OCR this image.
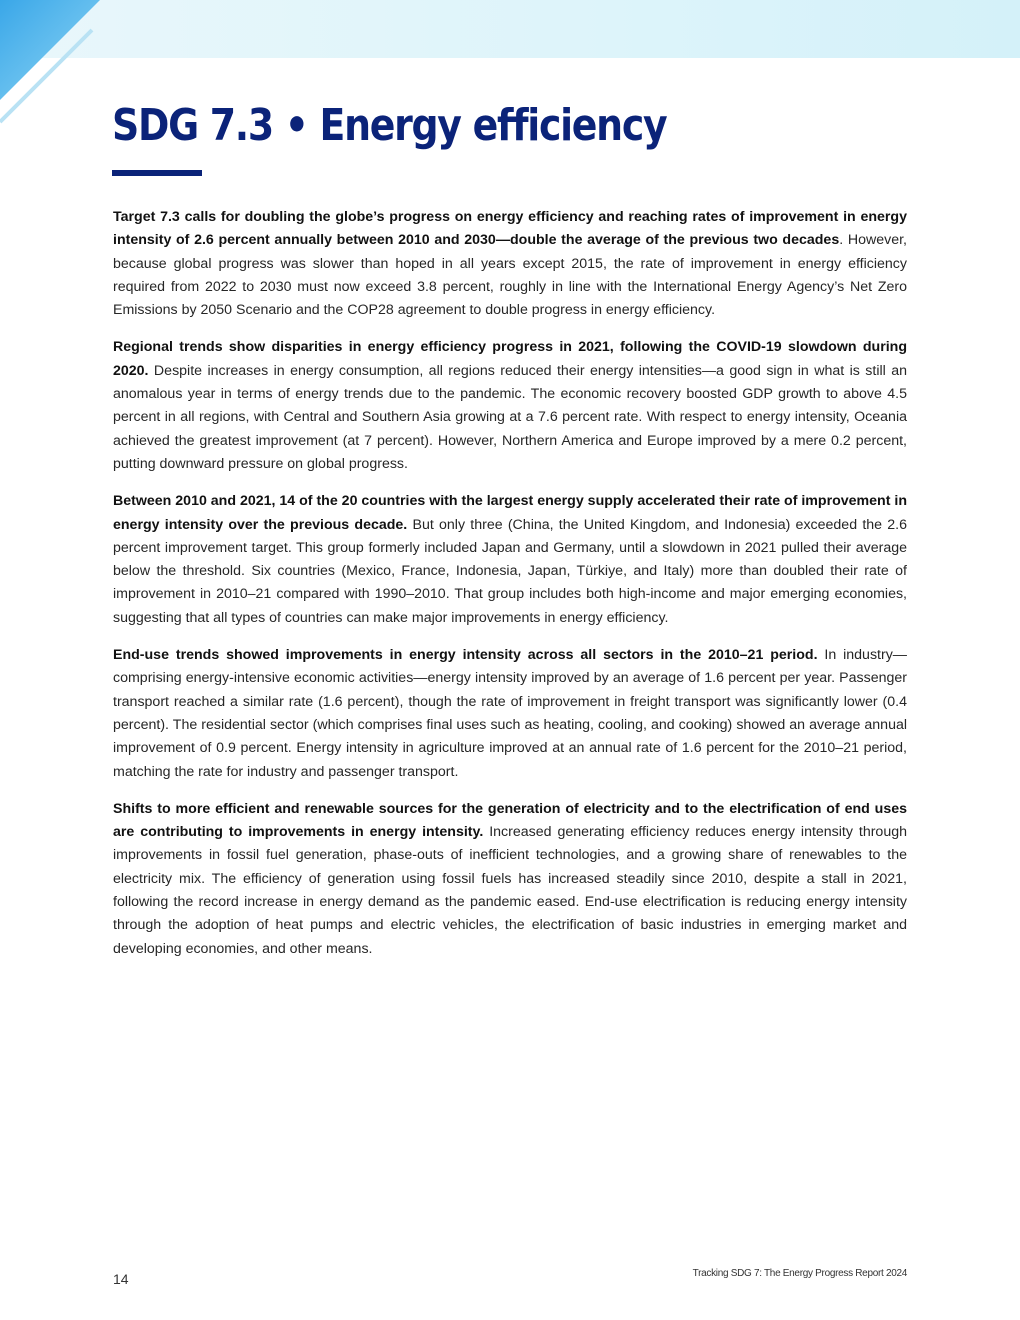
SDG 7.3 • Energy efficiency

Target 7.3 calls for doubling the globe’s progress on energy efficiency and reaching rates of improvement in energy intensity of 2.6 percent annually between 2010 and 2030—double the average of the previous two decades. However, because global progress was slower than hoped in all years except 2015, the rate of improvement in energy efficiency required from 2022 to 2030 must now exceed 3.8 percent, roughly in line with the International Energy Agency’s Net Zero Emissions by 2050 Scenario and the COP28 agreement to double progress in energy efficiency.

Regional trends show disparities in energy efficiency progress in 2021, following the COVID-19 slowdown during 2020. Despite increases in energy consumption, all regions reduced their energy intensities—a good sign in what is still an anomalous year in terms of energy trends due to the pandemic. The economic recovery boosted GDP growth to above 4.5 percent in all regions, with Central and Southern Asia growing at a 7.6 percent rate. With respect to energy intensity, Oceania achieved the greatest improvement (at 7 percent). However, Northern America and Europe improved by a mere 0.2 percent, putting downward pressure on global progress.

Between 2010 and 2021, 14 of the 20 countries with the largest energy supply accelerated their rate of improvement in energy intensity over the previous decade. But only three (China, the United Kingdom, and Indonesia) exceeded the 2.6 percent improvement target. This group formerly included Japan and Germany, until a slowdown in 2021 pulled their average below the threshold. Six countries (Mexico, France, Indonesia, Japan, Türkiye, and Italy) more than doubled their rate of improvement in 2010–21 compared with 1990–2010. That group includes both high-income and major emerging economies, suggesting that all types of countries can make major improvements in energy efficiency.

End-use trends showed improvements in energy intensity across all sectors in the 2010–21 period. In industry—comprising energy-intensive economic activities—energy intensity improved by an average of 1.6 percent per year. Passenger transport reached a similar rate (1.6 percent), though the rate of improvement in freight transport was significantly lower (0.4 percent). The residential sector (which comprises final uses such as heating, cooling, and cooking) showed an average annual improvement of 0.9 percent. Energy intensity in agriculture improved at an annual rate of 1.6 percent for the 2010–21 period, matching the rate for industry and passenger transport.

Shifts to more efficient and renewable sources for the generation of electricity and to the electrification of end uses are contributing to improvements in energy intensity. Increased generating efficiency reduces energy intensity through improvements in fossil fuel generation, phase-outs of inefficient technologies, and a growing share of renewables to the electricity mix. The efficiency of generation using fossil fuels has increased steadily since 2010, despite a stall in 2021, following the record increase in energy demand as the pandemic eased. End-use electrification is reducing energy intensity through the adoption of heat pumps and electric vehicles, the electrification of basic industries in emerging market and developing economies, and other means.

14	Tracking SDG 7: The Energy Progress Report 2024
